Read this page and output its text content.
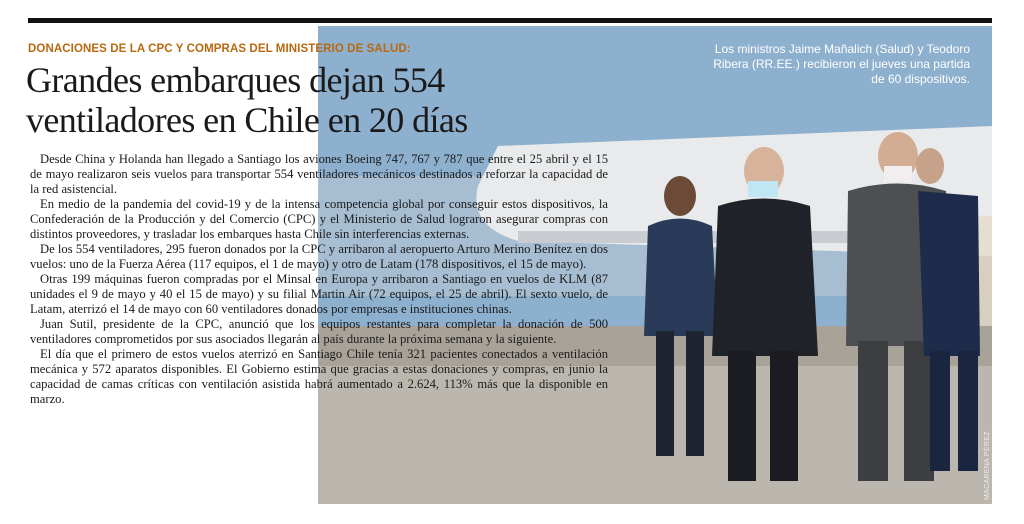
DONACIONES DE LA CPC Y COMPRAS DEL MINISTERIO DE SALUD:
Grandes embarques dejan 554
ventiladores en Chile en 20 días

Desde China y Holanda han llegado a Santiago los aviones Boeing 747, 767 y 787 que entre el 25 abril y el 15 de mayo realizaron seis vuelos para transportar 554 ventiladores mecánicos destinados a reforzar la capacidad de la red asistencial.

En medio de la pandemia del covid-19 y de la intensa competencia global por conseguir estos dispositivos, la Confederación de la Producción y del Comercio (CPC) y el Ministerio de Salud lograron asegurar compras con distintos proveedores, y trasladar los embarques hasta Chile sin interferencias externas.

De los 554 ventiladores, 295 fueron donados por la CPC y arribaron al aeropuerto Arturo Merino Benítez en dos vuelos: uno de la Fuerza Aérea (117 equipos, el 1 de mayo) y otro de Latam (178 dispositivos, el 15 de mayo).

Otras 199 máquinas fueron compradas por el Minsal en Europa y arribaron a Santiago en vuelos de KLM (87 unidades el 9 de mayo y 40 el 15 de mayo) y su filial Martin Air (72 equipos, el 25 de abril). El sexto vuelo, de Latam, aterrizó el 14 de mayo con 60 ventiladores donados por empresas e instituciones chinas.

Juan Sutil, presidente de la CPC, anunció que los equipos restantes para completar la donación de 500 ventiladores comprometidos por sus asociados llegarán al país durante la próxima semana y la siguiente.

El día que el primero de estos vuelos aterrizó en Santiago Chile tenía 321 pacientes conectados a ventilación mecánica y 572 aparatos disponibles. El Gobierno estima que gracias a estas donaciones y compras, en junio la capacidad de camas críticas con ventilación asistida habrá aumentado a 2.624, 113% más que la disponible en marzo.

Los ministros Jaime Mañalich (Salud) y Teodoro Ribera (RR.EE.) recibieron el jueves una partida de 60 dispositivos.
MACARENA PÉREZ
